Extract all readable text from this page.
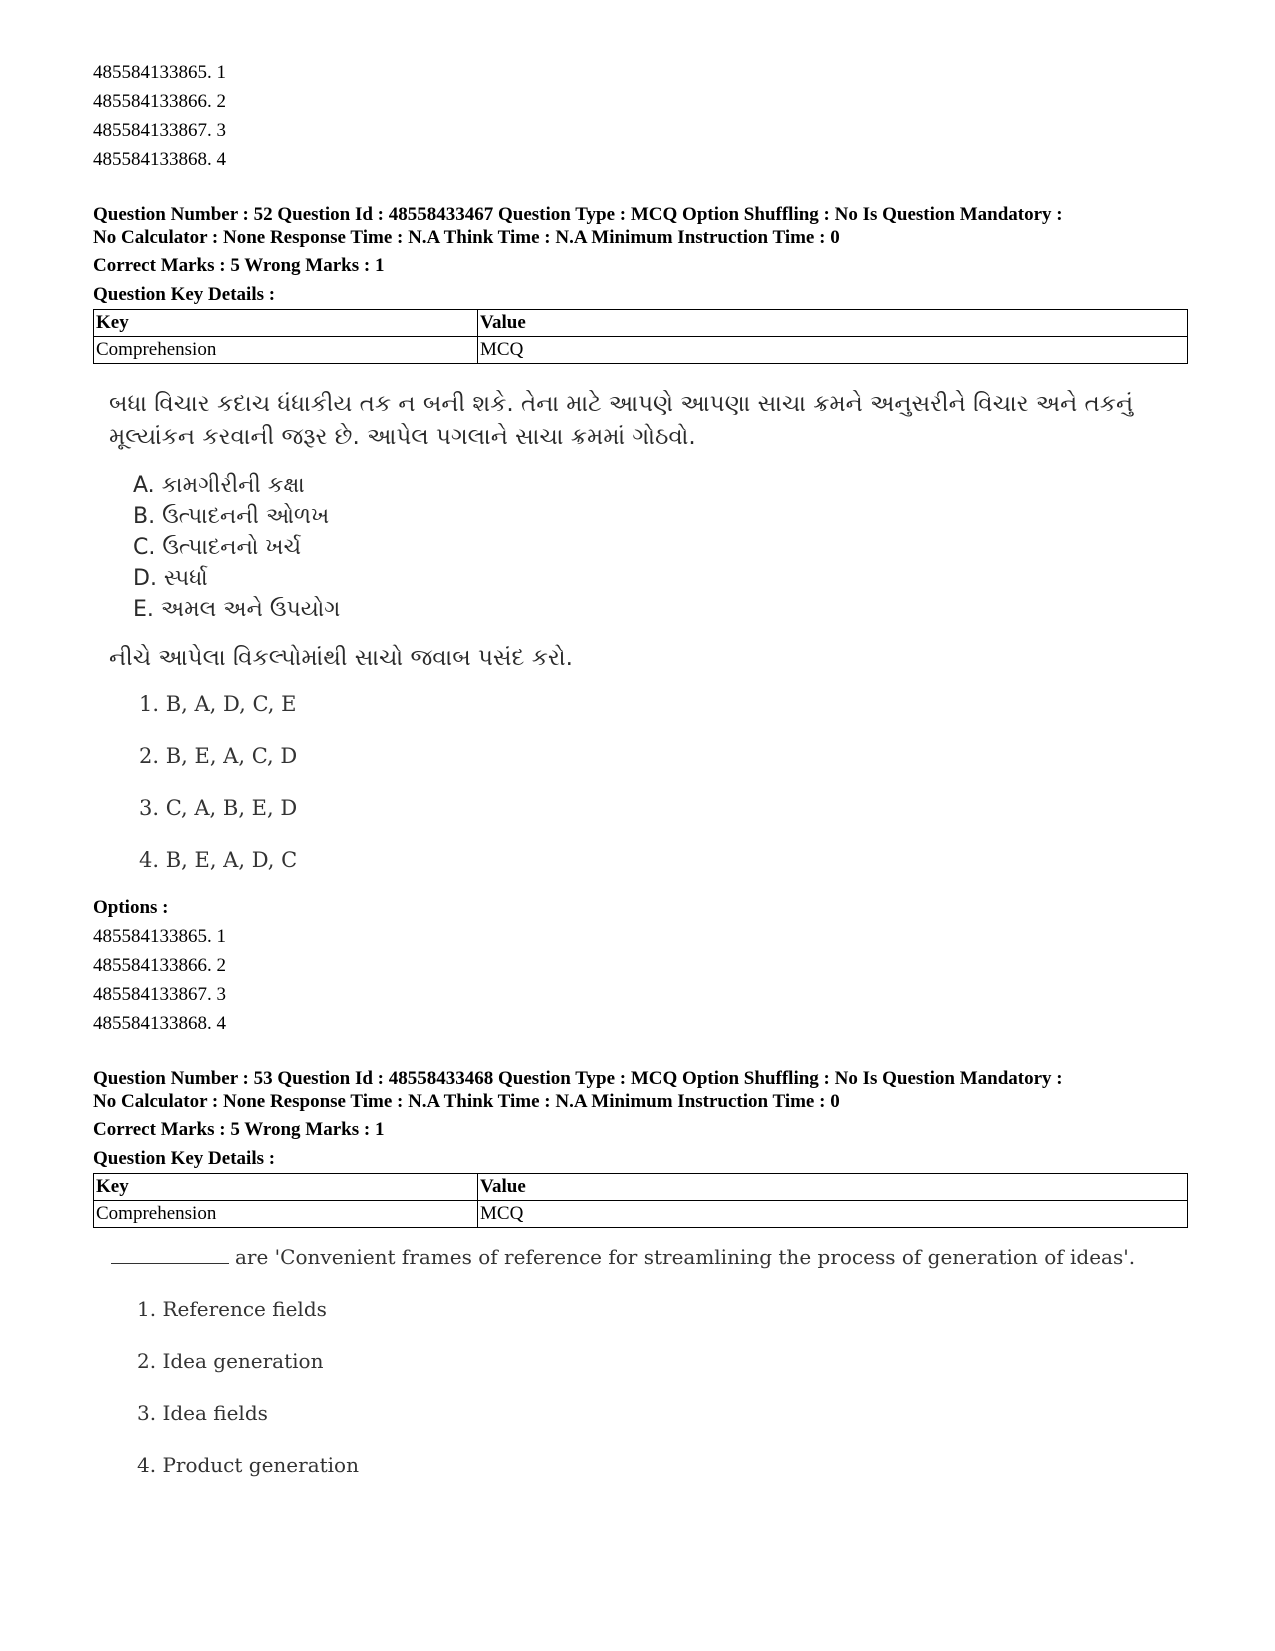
485584133865. 1
485584133866. 2
485584133867. 3
485584133868. 4
Question Number : 52 Question Id : 48558433467 Question Type : MCQ Option Shuffling : No Is Question Mandatory :
No Calculator : None Response Time : N.A Think Time : N.A Minimum Instruction Time : 0
Correct Marks : 5 Wrong Marks : 1
Question Key Details :
Key	Value
Comprehension	MCQ
બધા વિચાર કદાચ ધંધાકીય તક ન બની શકે. તેના માટે આપણે આપણા સાચા ક્રમને અનુસરીને વિચાર અને તકનું
મૂલ્યાંકન કરવાની જરૂર છે. આપેલ પગલાને સાચા ક્રમમાં ગોઠવો.
A. કામગીરીની કક્ષા
B. ઉત્પાદનની ઓળખ
C. ઉત્પાદનનો ખર્ચ
D. સ્પર્ધા
E. અમલ અને ઉપયોગ
નીચે આપેલા વિકલ્પોમાંથી સાચો જવાબ પસંદ કરો.
1. B, A, D, C, E
2. B, E, A, C, D
3. C, A, B, E, D
4. B, E, A, D, C
Options :
485584133865. 1
485584133866. 2
485584133867. 3
485584133868. 4
Question Number : 53 Question Id : 48558433468 Question Type : MCQ Option Shuffling : No Is Question Mandatory :
No Calculator : None Response Time : N.A Think Time : N.A Minimum Instruction Time : 0
Correct Marks : 5 Wrong Marks : 1
Question Key Details :
Key	Value
Comprehension	MCQ
are 'Convenient frames of reference for streamlining the process of generation of ideas'.
1. Reference fields
2. Idea generation
3. Idea fields
4. Product generation
